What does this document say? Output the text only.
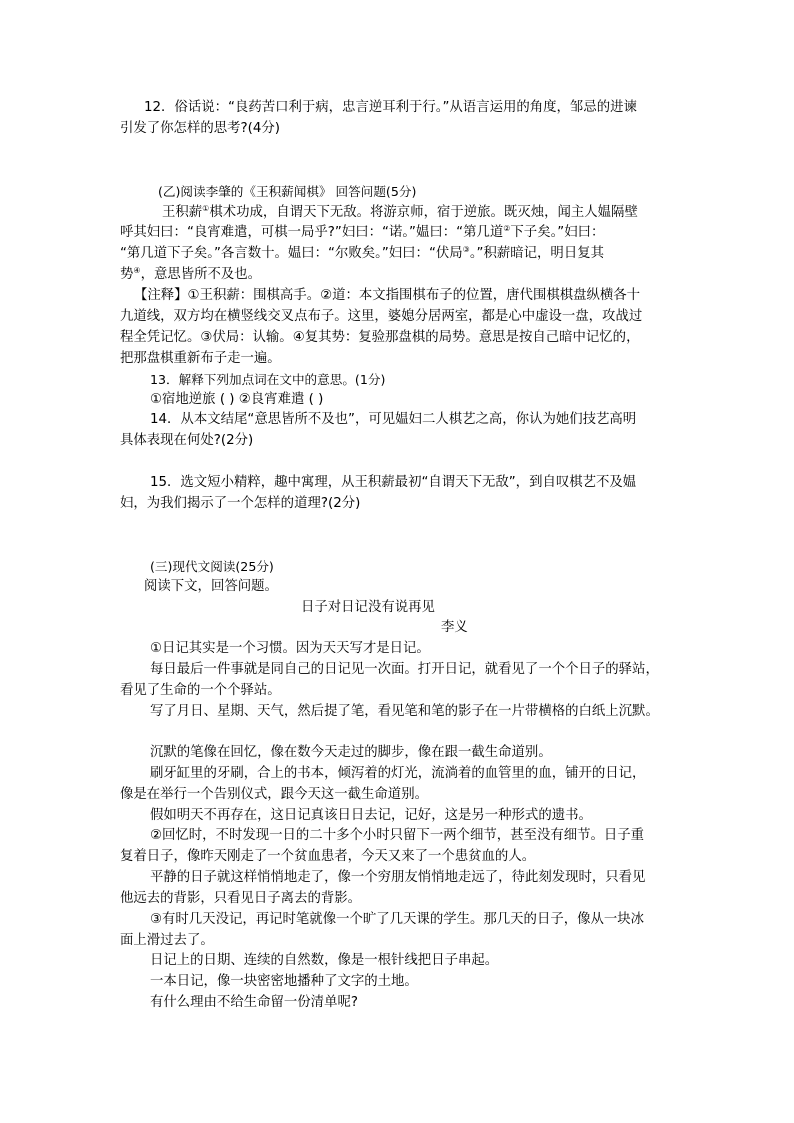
12．俗话说：“良药苦口利于病，忠言逆耳利于行。”从语言运用的角度，邹忌的进谏
引发了你怎样的思考?(4分)
(乙)阅读李肇的《王积薪闻棋》 回答问题(5分)
王积薪①棋术功成，自谓天下无敌。将游京师，宿于逆旅。既灭烛，闻主人媪隔壁
呼其妇曰：“良宵难遣，可棋一局乎?”妇曰：“诺。”媪曰：“第几道②下子矣。”妇曰：
“第几道下子矣。”各言数十。媪曰：“尔败矣。”妇曰：“伏局③。”积薪暗记，明日复其
势④，意思皆所不及也。
【注释】①王积薪：围棋高手。②道：本文指围棋布子的位置，唐代围棋棋盘纵横各十
九道线，双方均在横竖线交叉点布子。这里，婆媳分居两室，都是心中虚设一盘，攻战过
程全凭记忆。③伏局：认输。④复其势：复验那盘棋的局势。意思是按自己暗中记忆的，
把那盘棋重新布子走一遍。
13．解释下列加点词在文中的意思。(1分)
①宿地逆旅 ( ) ②良宵难遣 ( )
14．从本文结尾“意思皆所不及也”，可见媪妇二人棋艺之高，你认为她们技艺高明
具体表现在何处?(2分)
15．选文短小精粹，趣中寓理，从王积薪最初“自谓天下无敌”，到自叹棋艺不及媪
妇，为我们揭示了一个怎样的道理?(2分)
(三)现代文阅读(25分)
阅读下文，回答问题。
日子对日记没有说再见
李义
①日记其实是一个习惯。因为天天写才是日记。
每日最后一件事就是同自己的日记见一次面。打开日记，就看见了一个个日子的驿站，
看见了生命的一个个驿站。
写了月日、星期、天气，然后提了笔，看见笔和笔的影子在一片带横格的白纸上沉默。
沉默的笔像在回忆，像在数今天走过的脚步，像在跟一截生命道别。
刷牙缸里的牙刷，合上的书本，倾泻着的灯光，流淌着的血管里的血，铺开的日记，
像是在举行一个告别仪式，跟今天这一截生命道别。
假如明天不再存在，这日记真该日日去记，记好，这是另一种形式的遗书。
②回忆时，不时发现一日的二十多个小时只留下一两个细节，甚至没有细节。日子重
复着日子，像昨天刚走了一个贫血患者，今天又来了一个患贫血的人。
平静的日子就这样悄悄地走了，像一个穷朋友悄悄地走远了，待此刻发现时，只看见
他远去的背影，只看见日子离去的背影。
③有时几天没记，再记时笔就像一个旷了几天课的学生。那几天的日子，像从一块冰
面上滑过去了。
日记上的日期、连续的自然数，像是一根针线把日子串起。
一本日记，像一块密密地播种了文字的土地。
有什么理由不给生命留一份清单呢?
